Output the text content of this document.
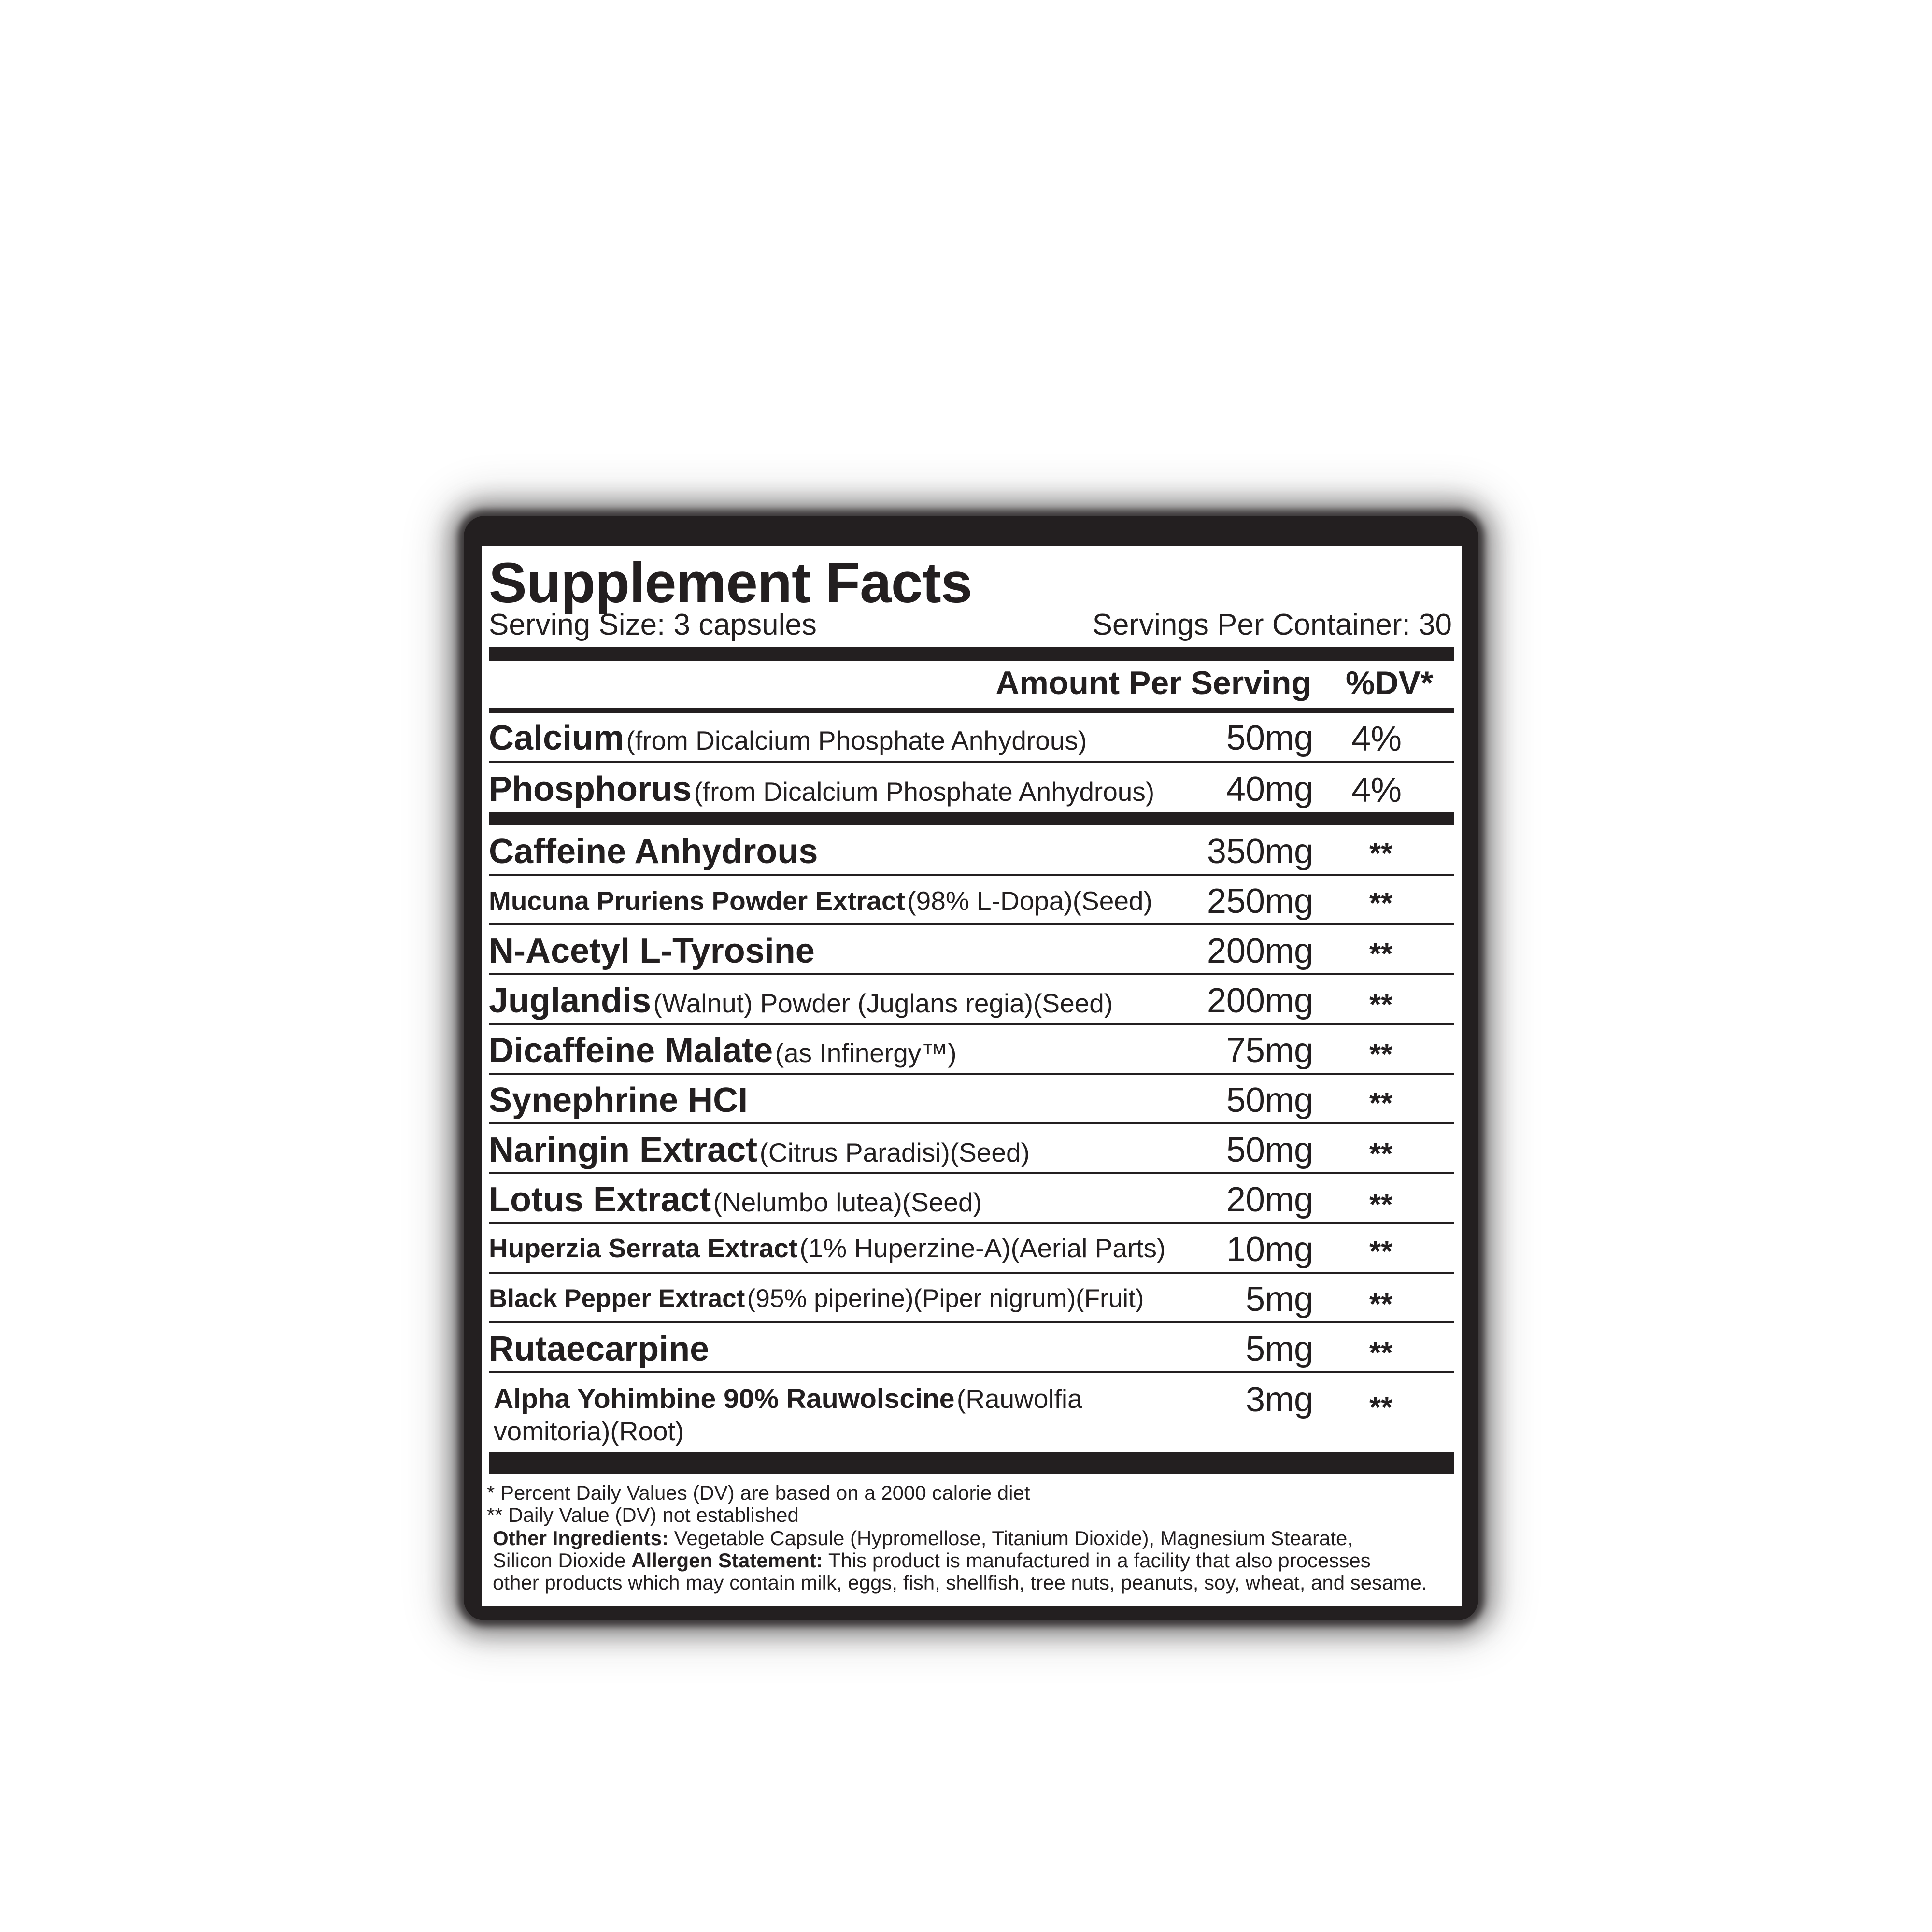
Supplement Facts
Serving Size: 3 capsules	Servings Per Container: 30
Amount Per Serving %DV*
Calcium (from Dicalcium Phosphate Anhydrous)	50mg 4%
Phosphorus (from Dicalcium Phosphate Anhydrous) 40mg 4%
Caffeine Anhydrous	350mg **
Mucuna Pruriens Powder Extract (98% L-Dopa)(Seed) 250mg **
N-Acetyl L-Tyrosine	200mg **
Juglandis (Walnut) Powder (Juglans regia)(Seed)	200mg **
Dicaffeine Malate (as Infinergy™)	75mg **
Synephrine HCI	50mg **
Naringin Extract (Citrus Paradisi)(Seed)	50mg **
Lotus Extract (Nelumbo lutea)(Seed)	20mg **
Huperzia Serrata Extract (1% Huperzine-A)(Aerial Parts) 10mg **
Black Pepper Extract (95% piperine)(Piper nigrum)(Fruit)	5mg **
Rutaecarpine	5mg **
Alpha Yohimbine 90% Rauwolscine (Rauwolfia
vomitoria)(Root)
3mg **
* Percent Daily Values (DV) are based on a 2000 calorie diet
** Daily Value (DV) not established
Other Ingredients: Vegetable Capsule (Hypromellose, Titanium Dioxide), Magnesium Stearate,
Silicon Dioxide Allergen Statement: This product is manufactured in a facility that also processes
other products which may contain milk, eggs, fish, shellfish, tree nuts, peanuts, soy, wheat, and sesame.
